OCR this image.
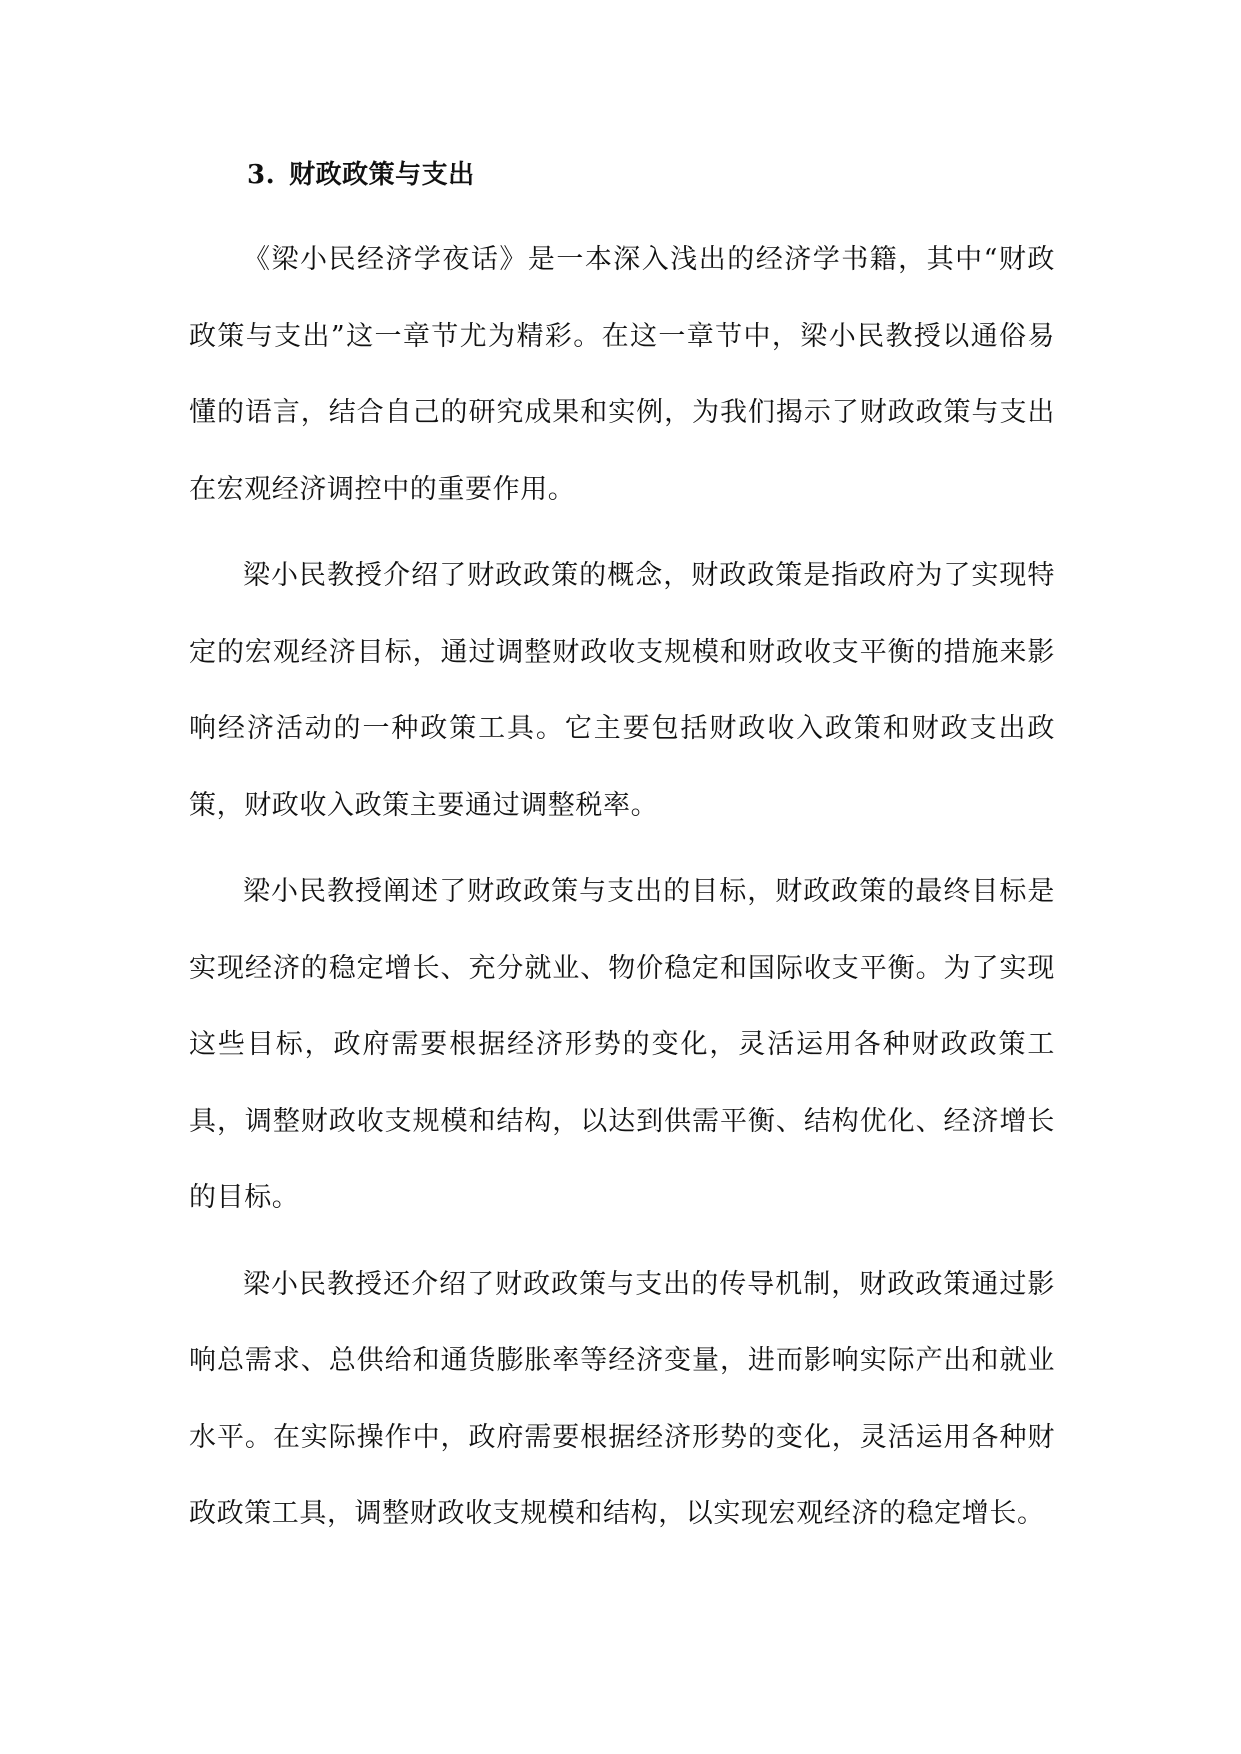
3. 财政政策与支出

《梁小民经济学夜话》是一本深入浅出的经济学书籍，其中“财政政策与支出”这一章节尤为精彩。在这一章节中，梁小民教授以通俗易懂的语言，结合自己的研究成果和实例，为我们揭示了财政政策与支出在宏观经济调控中的重要作用。

梁小民教授介绍了财政政策的概念，财政政策是指政府为了实现特定的宏观经济目标，通过调整财政收支规模和财政收支平衡的措施来影响经济活动的一种政策工具。它主要包括财政收入政策和财政支出政策，财政收入政策主要通过调整税率。

梁小民教授阐述了财政政策与支出的目标，财政政策的最终目标是实现经济的稳定增长、充分就业、物价稳定和国际收支平衡。为了实现这些目标，政府需要根据经济形势的变化，灵活运用各种财政政策工具，调整财政收支规模和结构，以达到供需平衡、结构优化、经济增长的目标。

梁小民教授还介绍了财政政策与支出的传导机制，财政政策通过影响总需求、总供给和通货膨胀率等经济变量，进而影响实际产出和就业水平。在实际操作中，政府需要根据经济形势的变化，灵活运用各种财政政策工具，调整财政收支规模和结构，以实现宏观经济的稳定增长。
